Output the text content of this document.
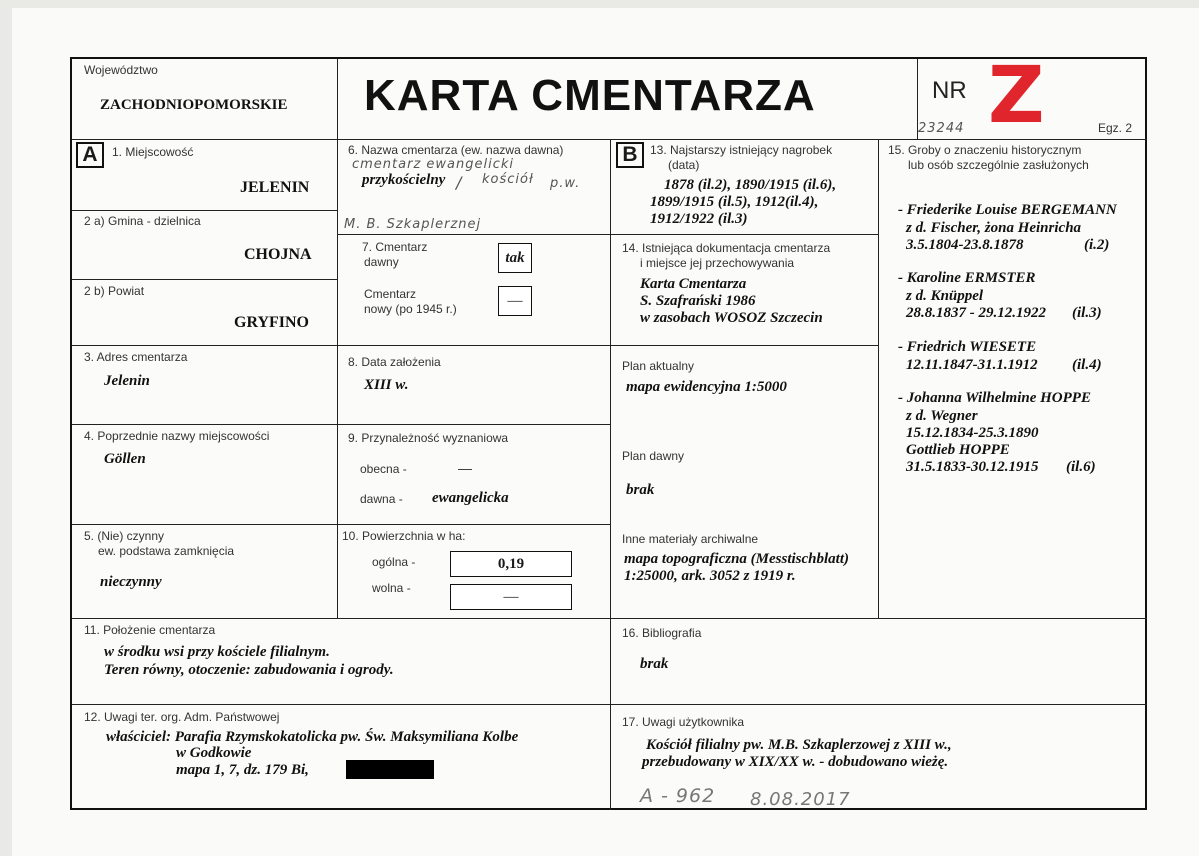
Województwo
ZACHODNIOPOMORSKIE KARTA CMENTARZA	NR Z
23244	Egz. 2
A	1. Miejscowość
JELENIN
2 a) Gmina - dzielnica
CHOJNA
2 b) Powiat
GRYFINO
3. Adres cmentarza
Jelenin
4. Poprzednie nazwy miejscowości
Göllen
5. (Nie) czynny
ew. podstawa zamknięcia
nieczynny
6. Nazwa cmentarza (ew. nazwa dawna)
cmentarz ewangelicki
przykościelny / kościół p.w.
M. B. Szkaplerznej
7. Cmentarz
dawny	tak
Cmentarz
nowy (po 1945 r.)
—
8. Data założenia
XIII w.
9. Przynależność wyznaniowa
obecna -	—
dawna - ewangelicka
10. Powierzchnia w ha:
ogólna -	0,19
wolna -
—
B	13. Najstarszy istniejący nagrobek
(data)
1878 (il.2), 1890/1915 (il.6),
1899/1915 (il.5), 1912(il.4),
1912/1922 (il.3)
14. Istniejąca dokumentacja cmentarza
i miejsce jej przechowywania
Karta Cmentarza
S. Szafrański 1986
w zasobach WOSOZ Szczecin
Plan aktualny
mapa ewidencyjna 1:5000
Plan dawny
brak
Inne materiały archiwalne
mapa topograficzna (Messtischblatt)
1:25000, ark. 3052 z 1919 r.
15. Groby o znaczeniu historycznym
lub osób szczególnie zasłużonych
- Friederike Louise BERGEMANN
z d. Fischer, żona Heinricha
3.5.1804-23.8.1878	(i.2)
- Karoline ERMSTER
z d. Knüppel
28.8.1837 - 29.12.1922 (il.3)
- Friedrich WIESETE
12.11.1847-31.1.1912 (il.4)
- Johanna Wilhelmine HOPPE
z d. Wegner
15.12.1834-25.3.1890
Gottlieb HOPPE
31.5.1833-30.12.1915 (il.6)
11. Położenie cmentarza
w środku wsi przy kościele filialnym.
Teren równy, otoczenie: zabudowania i ogrody.
16. Bibliografia
brak
12. Uwagi ter. org. Adm. Państwowej
właściciel: Parafia Rzymskokatolicka pw. Św. Maksymiliana Kolbe
w Godkowie
mapa 1, 7, dz. 179 Bi,
17. Uwagi użytkownika
Kościół filialny pw. M.B. Szkaplerzowej z XIII w.,
przebudowany w XIX/XX w. - dobudowano wieżę.
A - 962 8.08.2017
